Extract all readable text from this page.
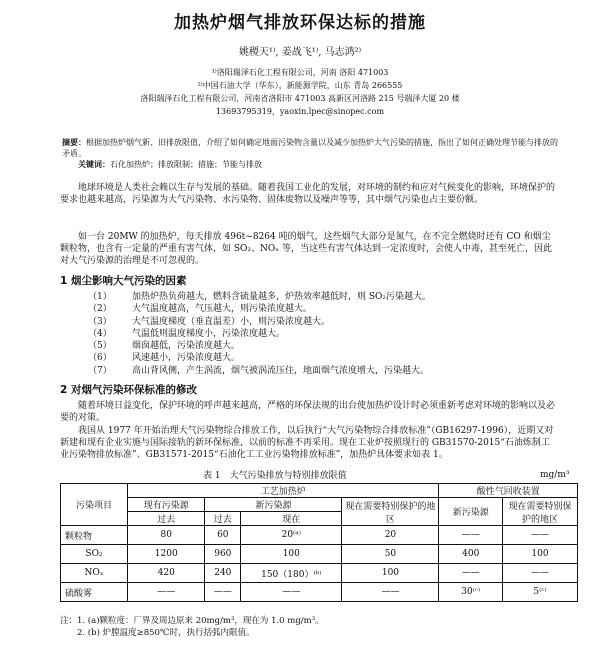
加热炉烟气排放环保达标的措施
姚稷天¹⁾, 姜战飞¹⁾, 马志鸿²⁾
¹⁾洛阳瑞泽石化工程有限公司，河南 洛阳 471003
²⁾中国石油大学（华东），新能源学院，山东 青岛 266555
洛阳瑞泽石化工程有限公司，河南省洛阳市 471003 高新区河洛路 215 号瑞泽大厦 20 楼
13693795319，yaoxin.lpec@sinopec.com
摘要：根据加热炉烟气新、旧排放限值，介绍了如何确定地面污染物含量以及减少加热炉大气污染的措施，指出了如何正确处理节能与排放的矛盾。
关键词：石化加热炉；排放限制；措施；节能与排放
地球环境是人类社会赖以生存与发展的基础。随着我国工业化的发展，对环境的制约和应对气候变化的影响，环境保护的要求也越来越高，污染源为大气污染物、水污染物、固体废物以及噪声等等，其中烟气污染也占主要份额。
如一台 20MW 的加热炉，每天排放 496t~8264 吨的烟气，这些烟气大部分是氮气，在不完全燃烧时还有 CO 和烟尘颗粒物，也含有一定量的严重有害气体，如 SO₂、NOₓ 等，当这些有害气体达到一定浓度时，会使人中毒，甚至死亡，因此对大气污染源的治理是不可忽视的。
1 烟尘影响大气污染的因素
（1）	加热炉热负荷越大，燃料含硫量越多，炉热效率越低时，则 SO₂污染越大。
（2）	大气温度越高，气压越大，则污染浓度越大。
（3）	大气温度梯度（垂直温差）小，则污染浓度越大。
（4）	气温低则温度梯度小，污染浓度越大。
（5）	烟囱越低，污染浓度越大。
（6）	风速越小，污染浓度越大。
（7）	高山背风侧，产生涡流，烟气被涡流压住，地面烟气浓度增大，污染越大。
2 对烟气污染环保标准的修改
随着环境日益变化，保护环境的呼声越来越高，严格的环保法规的出台使加热炉设计时必须重新考虑对环境的影响以及必要的对策。
我国从 1977 年开始治理大气污染物综合排放工作，以后执行“大气污染物综合排放标准”（GB16297-1996），近期又对新建和现有企业实施与国际接轨的新环保标准，以前的标准不再采用。现在工业炉按照现行的 GB31570-2015“石油炼制工业污染物排放标准”、GB31571-2015“石油化工工业污染物排放标准”，加热炉具体要求如表 1。
表 1　大气污染排放与特别排放限值	mg/m³
污染项目	工艺加热炉				酸性气回收装置	
	现有污染源	新污染源		现在需要特别保护的地区	新污染源	现在需要特别保护的地区
	过去	过去	现在			
颗粒物	80	60	20⁽ᵃ⁾	20	——	——
SO₂	1200	960	100	50	400	100
NOₓ	420	240	150（180）⁽ᵇ⁾	100	——	——
硫酸雾	——	——	——	——	30⁽ᶜ⁾	5⁽ᶜ⁾
注：1. (a)颗粒度：厂界及周边原来 20mg/m³，现在为 1.0 mg/m³。
　　2. (b) 炉膛温度≥850℃时，执行括弧内限值。
